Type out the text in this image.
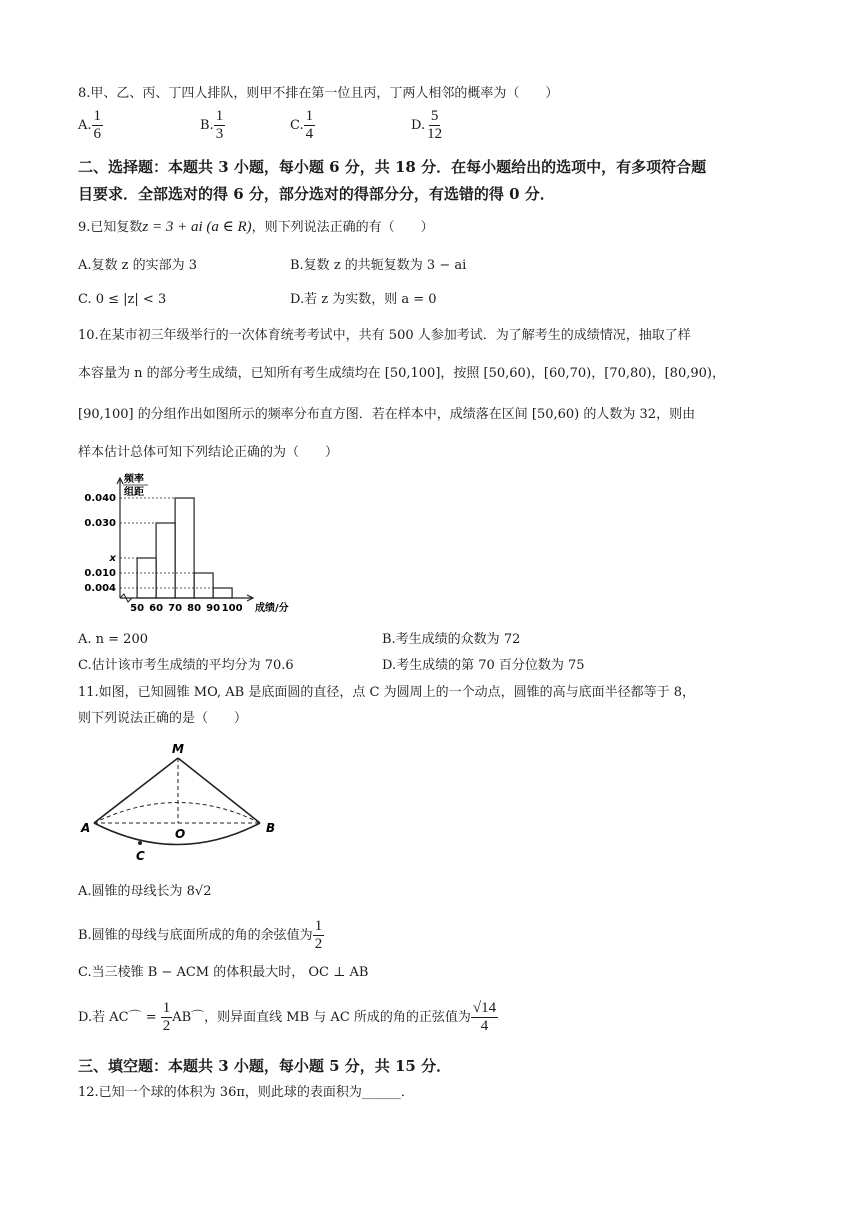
8.甲、乙、丙、丁四人排队，则甲不排在第一位且丙，丁两人相邻的概率为（　　）
A. $\frac{1}{6}$	B. $\frac{1}{3}$	C. $\frac{1}{4}$	D. $\frac{5}{12}$
二、选择题：本题共 3 小题，每小题 6 分，共 18 分．在每小题给出的选项中，有多项符合题
目要求．全部选对的得 6 分，部分选对的得部分分，有选错的得 0 分．
9.已知复数z = 3 + ai (a ∈ R)，则下列说法正确的有（　　）
A.复数 z 的实部为 3	B.复数 z 的共轭复数为 3 − ai
C. 0 ≤ |z| < 3	D.若 z 为实数，则 a = 0
10.在某市初三年级举行的一次体育统考考试中，共有 500 人参加考试．为了解考生的成绩情况，抽取了样
本容量为 n 的部分考生成绩，已知所有考生成绩均在 [50,100]，按照 [50,60)，[60,70)，[70,80)，[80,90)，
[90,100] 的分组作出如图所示的频率分布直方图．若在样本中，成绩落在区间 [50,60) 的人数为 32，则由
样本估计总体可知下列结论正确的为（　　）
频率
组距
0.040
0.030
x
0.010
0.004
50 60 70 80 90 100 成绩/分
A. n = 200	B.考生成绩的众数为 72
C.估计该市考生成绩的平均分为 70.6	D.考生成绩的第 70 百分位数为 75
11.如图，已知圆锥 MO, AB 是底面圆的直径，点 C 为圆周上的一个动点，圆锥的高与底面半径都等于 8，
则下列说法正确的是（　　）
M
A	B
O
C
A.圆锥的母线长为 8√2
B.圆锥的母线与底面所成的角的余弦值为 $\frac{1}{2}$
C.当三棱锥 B − ACM 的体积最大时， OC ⊥ AB
D.若 AC⌒ = $\frac{1}{2}$ AB⌒，则异面直线 MB 与 AC 所成的角的正弦值为 $\frac{√14}{4}$
三、填空题：本题共 3 小题，每小题 5 分，共 15 分．
12.已知一个球的体积为 36π，则此球的表面积为______．
